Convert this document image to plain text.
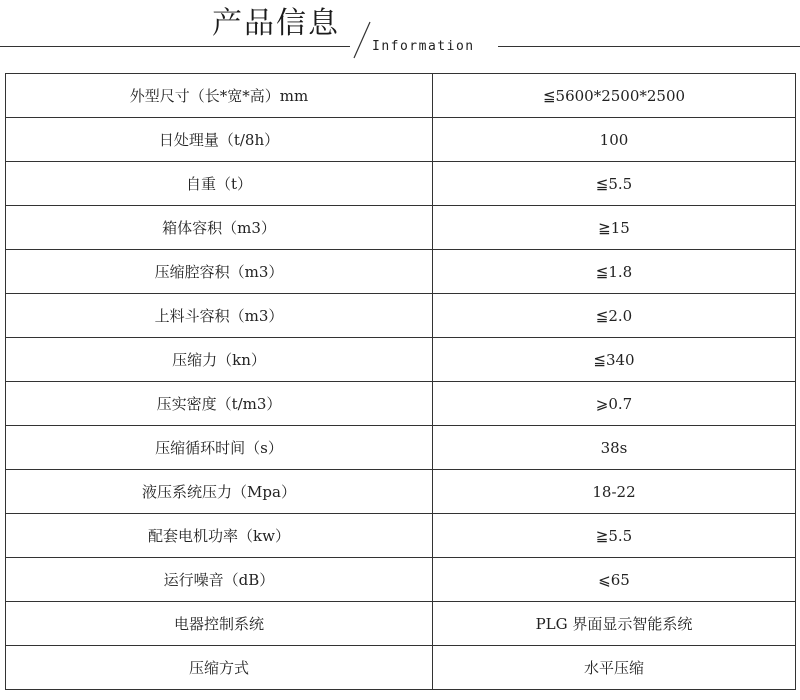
产品信息
Information
外型尺寸（长*宽*高）mm	≦5600*2500*2500
日处理量（t/8h）	100
自重（t）	≦5.5
箱体容积（m3）	≧15
压缩腔容积（m3）	≦1.8
上料斗容积（m3）	≦2.0
压缩力（kn）	≦340
压实密度（t/m3）	⩾0.7
压缩循环时间（s）	38s
液压系统压力（Mpa）	18-22
配套电机功率（kw）	≧5.5
运行噪音（dB）	⩽65
电器控制系统	PLG 界面显示智能系统
压缩方式	水平压缩
